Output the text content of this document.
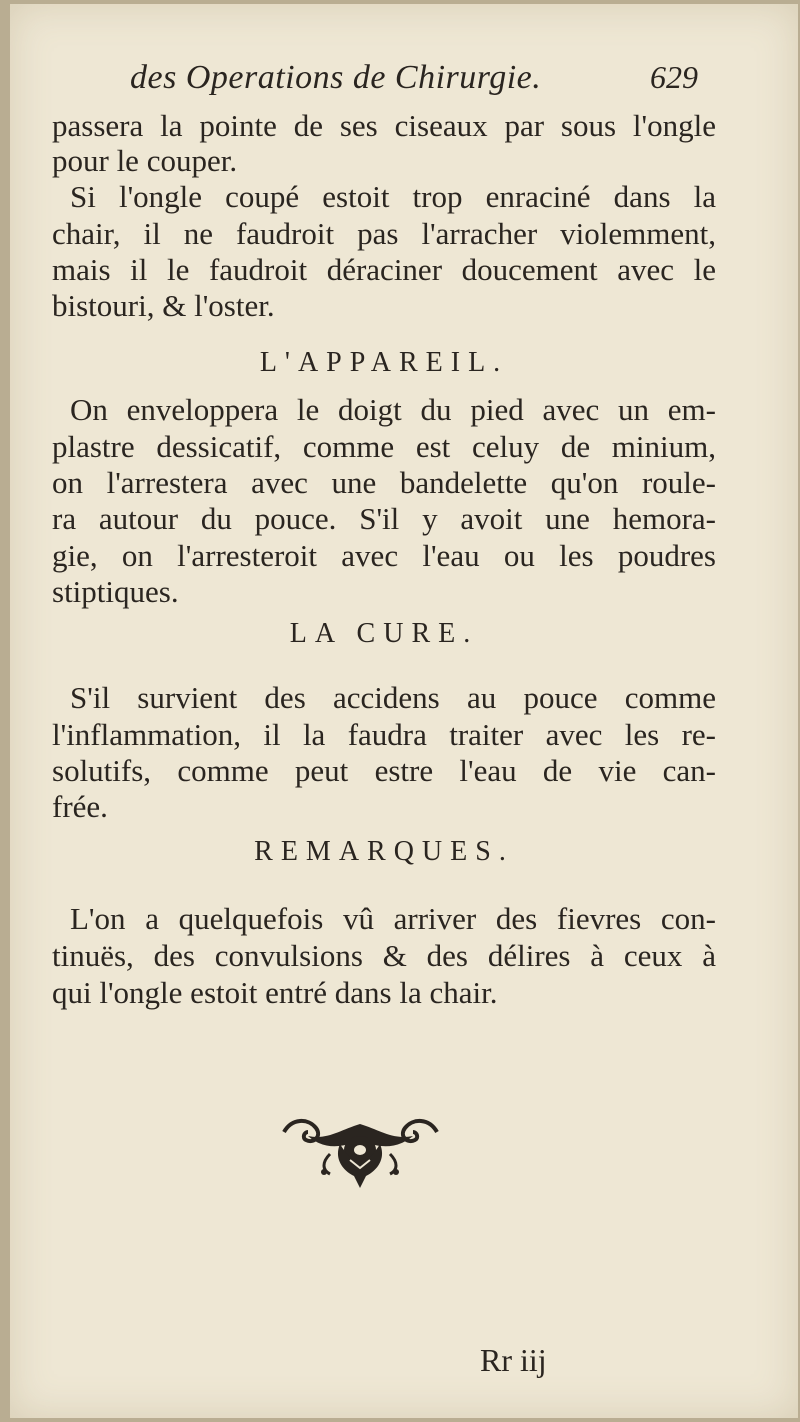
des Operations de Chirurgie.	629
passera la pointe de ses ciseaux par sous l'ongle
pour le couper.
Si l'ongle coupé estoit trop enraciné dans la
chair, il ne faudroit pas l'arracher violemment,
mais il le faudroit déraciner doucement avec le
bistouri, & l'oster.
L'APPAREIL.
On enveloppera le doigt du pied avec un em-
plastre dessicatif, comme est celuy de minium,
on l'arrestera avec une bandelette qu'on roule-
ra autour du pouce. S'il y avoit une hemora-
gie, on l'arresteroit avec l'eau ou les poudres
stiptiques.
LA CURE.
S'il survient des accidens au pouce comme
l'inflammation, il la faudra traiter avec les re-
solutifs, comme peut estre l'eau de vie can-
frée.
REMARQUES.
L'on a quelquefois vû arriver des fievres con-
tinuës, des convulsions & des délires à ceux à
qui l'ongle estoit entré dans la chair.
Rr iij
